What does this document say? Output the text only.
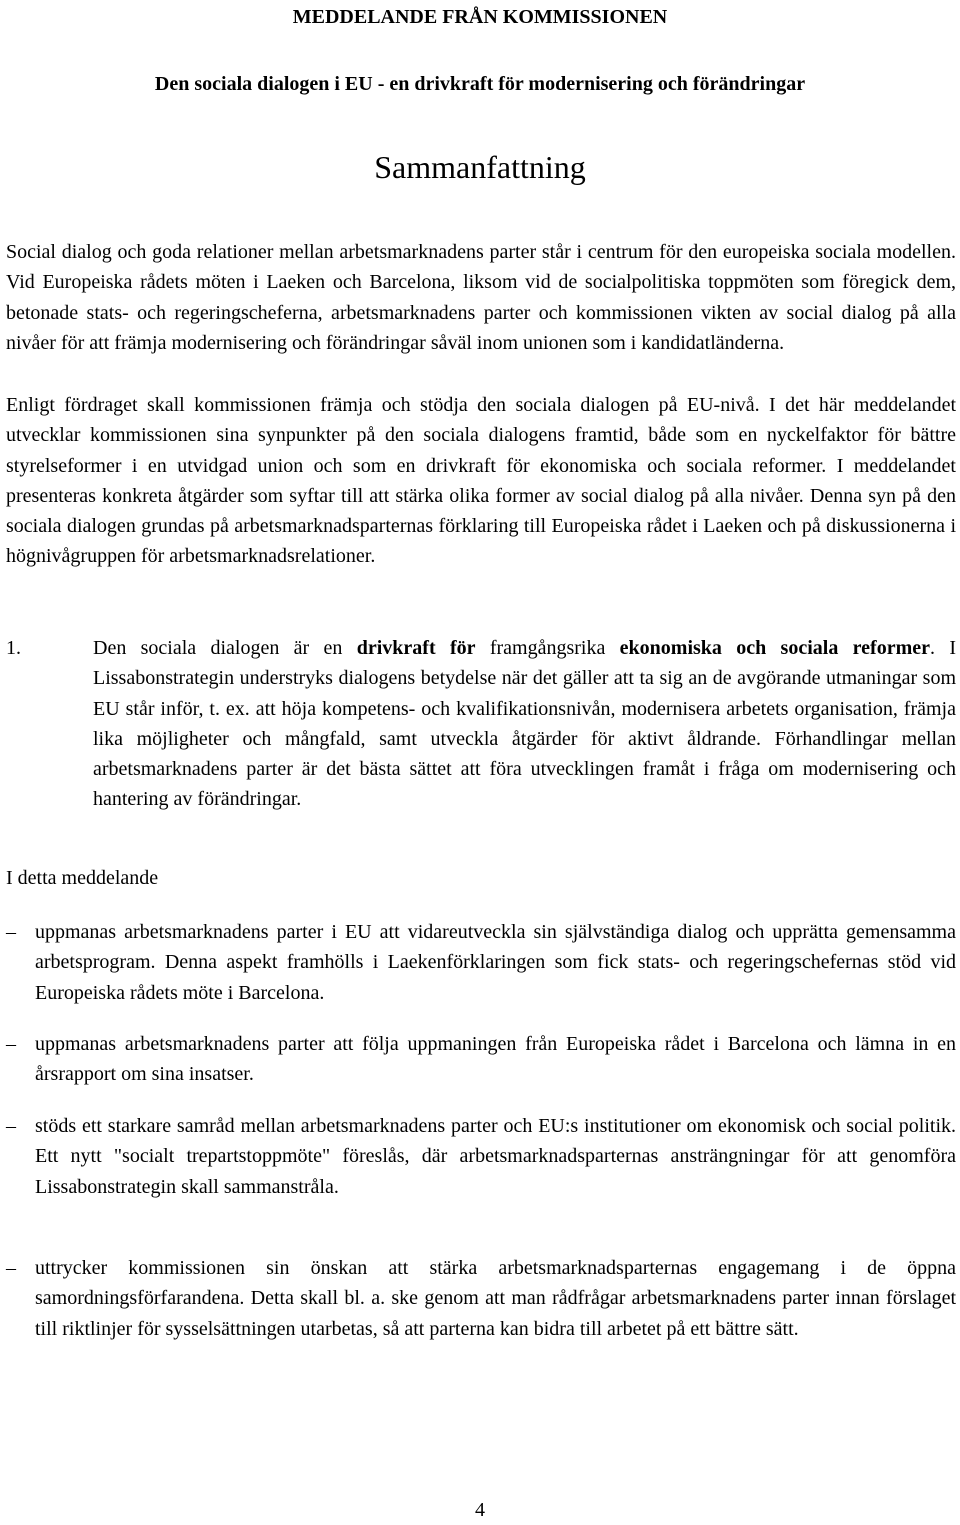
MEDDELANDE FRÅN KOMMISSIONEN
Den sociala dialogen i EU - en drivkraft för modernisering och förändringar
Sammanfattning

Social dialog och goda relationer mellan arbetsmarknadens parter står i centrum för den europeiska sociala modellen. Vid Europeiska rådets möten i Laeken och Barcelona, liksom vid de socialpolitiska toppmöten som föregick dem, betonade stats- och regeringscheferna, arbetsmarknadens parter och kommissionen vikten av social dialog på alla nivåer för att främja modernisering och förändringar såväl inom unionen som i kandidatländerna.

Enligt fördraget skall kommissionen främja och stödja den sociala dialogen på EU-nivå. I det här meddelandet utvecklar kommissionen sina synpunkter på den sociala dialogens framtid, både som en nyckelfaktor för bättre styrelseformer i en utvidgad union och som en drivkraft för ekonomiska och sociala reformer. I meddelandet presenteras konkreta åtgärder som syftar till att stärka olika former av social dialog på alla nivåer. Denna syn på den sociala dialogen grundas på arbetsmarknadsparternas förklaring till Europeiska rådet i Laeken och på diskussionerna i högnivågruppen för arbetsmarknadsrelationer.

1.	Den sociala dialogen är en drivkraft för framgångsrika ekonomiska och sociala reformer. I Lissabonstrategin understryks dialogens betydelse när det gäller att ta sig an de avgörande utmaningar som EU står inför, t. ex. att höja kompetens- och kvalifikationsnivån, modernisera arbetets organisation, främja lika möjligheter och mångfald, samt utveckla åtgärder för aktivt åldrande. Förhandlingar mellan arbetsmarknadens parter är det bästa sättet att föra utvecklingen framåt i fråga om modernisering och hantering av förändringar.

I detta meddelande

– uppmanas arbetsmarknadens parter i EU att vidareutveckla sin självständiga dialog och upprätta gemensamma arbetsprogram. Denna aspekt framhölls i Laekenförklaringen som fick stats- och regeringschefernas stöd vid Europeiska rådets möte i Barcelona.

– uppmanas arbetsmarknadens parter att följa uppmaningen från Europeiska rådet i Barcelona och lämna in en årsrapport om sina insatser.

– stöds ett starkare samråd mellan arbetsmarknadens parter och EU:s institutioner om ekonomisk och social politik. Ett nytt "socialt trepartstoppmöte" föreslås, där arbetsmarknadsparternas ansträngningar för att genomföra Lissabonstrategin skall sammanstråla.

– uttrycker kommissionen sin önskan att stärka arbetsmarknadsparternas engagemang i de öppna samordningsförfarandena. Detta skall bl. a. ske genom att man rådfrågar arbetsmarknadens parter innan förslaget till riktlinjer för sysselsättningen utarbetas, så att parterna kan bidra till arbetet på ett bättre sätt.

4
